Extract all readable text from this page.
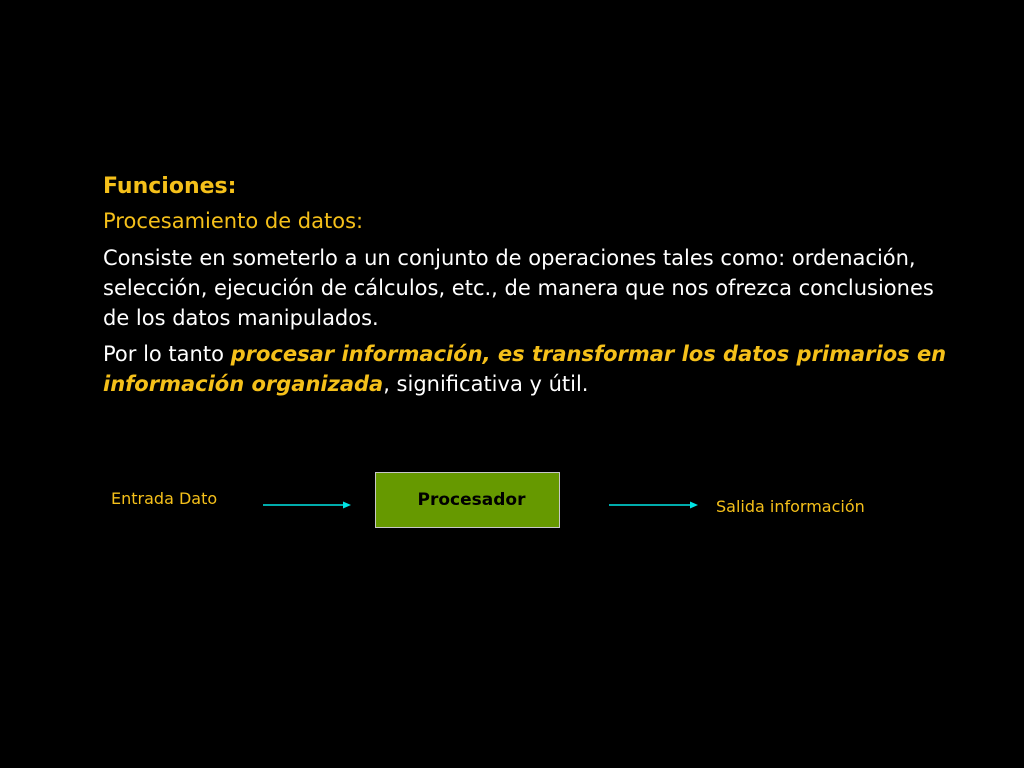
Funciones:
Procesamiento de datos:
Consiste en someterlo a un conjunto de operaciones tales como: ordenación, selección, ejecución de cálculos, etc., de manera que nos ofrezca conclusiones de los datos manipulados.
Por lo tanto procesar información, es transformar los datos primarios en información organizada, significativa y útil.
Entrada Dato	Procesador	Salida información
